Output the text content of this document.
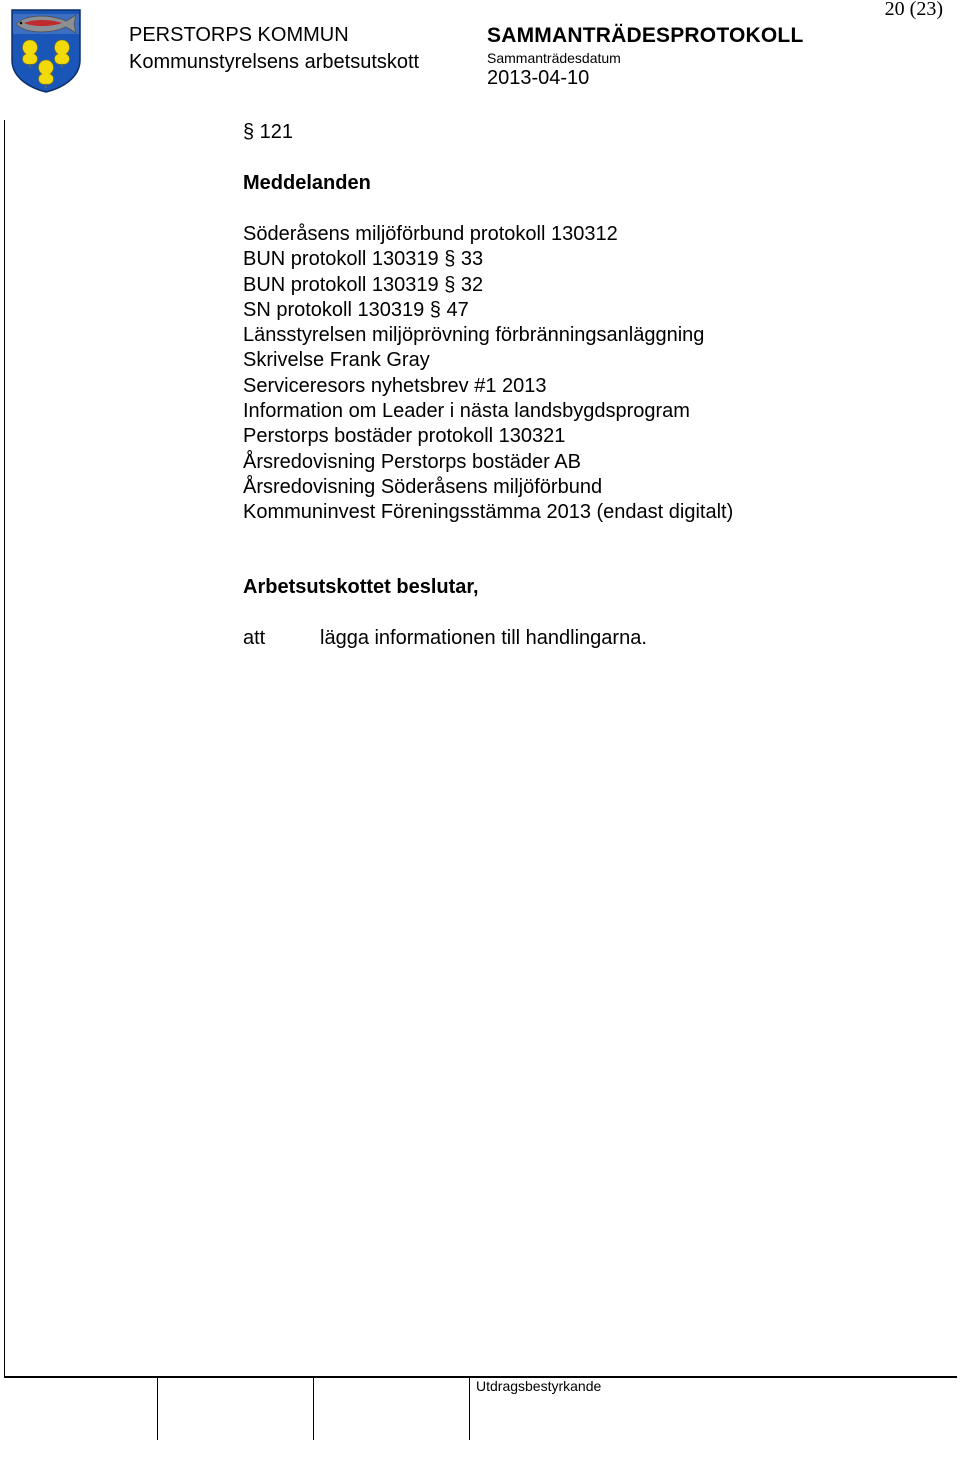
PERSTORPS KOMMUN
Kommunstyrelsens arbetsutskott
SAMMANTRÄDESPROTOKOLL
Sammanträdesdatum
2013-04-10
20 (23)
§ 121
Meddelanden
Söderåsens miljöförbund protokoll 130312
BUN protokoll 130319 § 33
BUN protokoll 130319 § 32
SN protokoll 130319 § 47
Länsstyrelsen miljöprövning förbränningsanläggning
Skrivelse Frank Gray
Serviceresors nyhetsbrev #1 2013
Information om Leader i nästa landsbygdsprogram
Perstorps bostäder protokoll 130321
Årsredovisning Perstorps bostäder AB
Årsredovisning Söderåsens miljöförbund
Kommuninvest Föreningsstämma 2013 (endast digitalt)
Arbetsutskottet beslutar,
att	lägga informationen till handlingarna.
Utdragsbestyrkande
